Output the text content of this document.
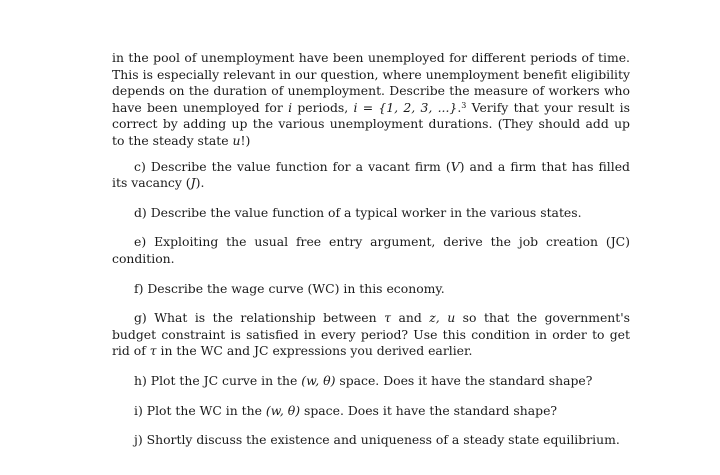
in the pool of unemployment have been unemployed for different periods of time. This is especially relevant in our question, where unemployment benefit eligibility depends on the duration of unemployment. Describe the measure of workers who have been unemployed for i periods, i = {1, 2, 3, ...}.$^3$ Verify that your result is correct by adding up the various unemployment durations. (They should add up to the steady state u!)

c) Describe the value function for a vacant firm (V) and a firm that has filled its vacancy (J).

d) Describe the value function of a typical worker in the various states.

e) Exploiting the usual free entry argument, derive the job creation (JC) condition.

f) Describe the wage curve (WC) in this economy.

g) What is the relationship between τ and z, u so that the government's budget constraint is satisfied in every period? Use this condition in order to get rid of τ in the WC and JC expressions you derived earlier.

h) Plot the JC curve in the (w, θ) space. Does it have the standard shape?

i) Plot the WC in the (w, θ) space. Does it have the standard shape?

j) Shortly discuss the existence and uniqueness of a steady state equilibrium.
